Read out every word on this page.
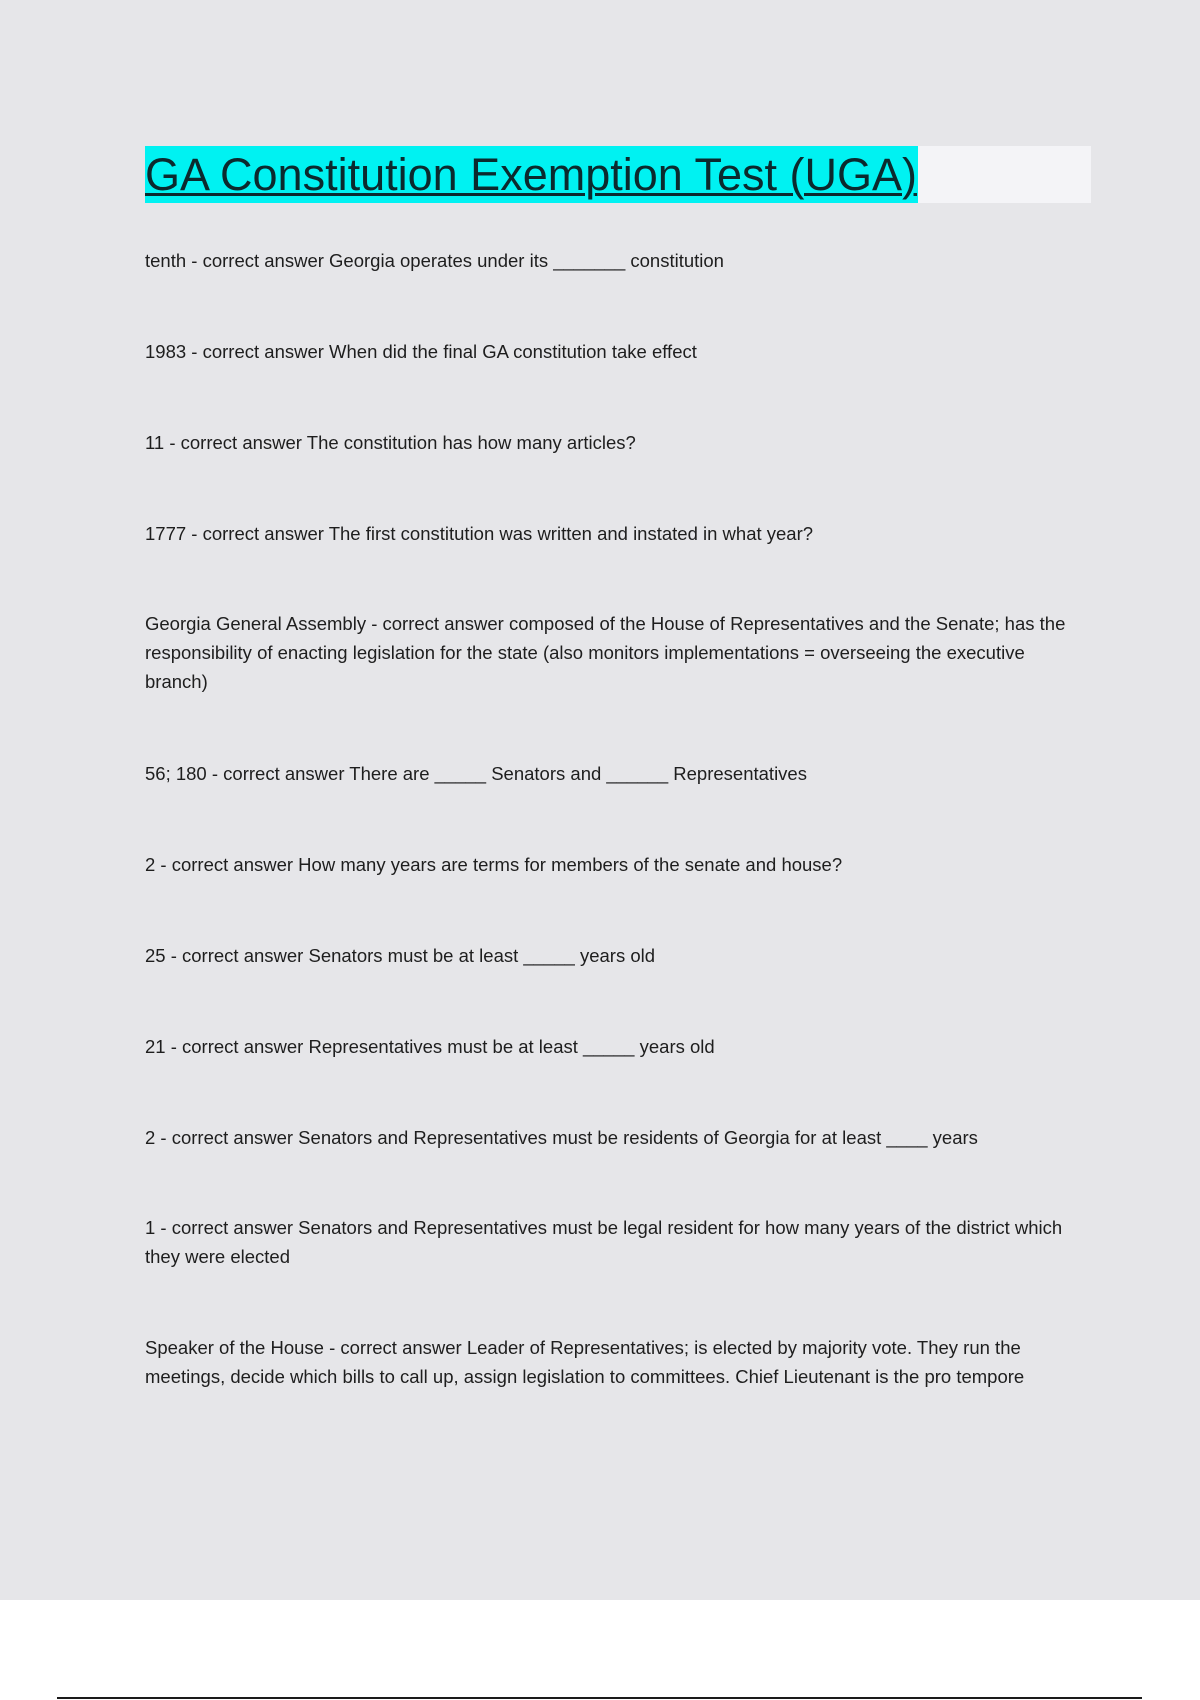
GA Constitution Exemption Test (UGA)
tenth - correct answer Georgia operates under its _______ constitution
1983 - correct answer When did the final GA constitution take effect
11 - correct answer The constitution has how many articles?
1777 - correct answer The first constitution was written and instated in what year?
Georgia General Assembly - correct answer composed of the House of Representatives and the Senate; has the responsibility of enacting legislation for the state (also monitors implementations = overseeing the executive branch)
56; 180 - correct answer There are _____ Senators and ______ Representatives
2 - correct answer How many years are terms for members of the senate and house?
25 - correct answer Senators must be at least _____ years old
21 - correct answer Representatives must be at least _____ years old
2 - correct answer Senators and Representatives must be residents of Georgia for at least ____ years
1 - correct answer Senators and Representatives must be legal resident for how many years of the district which they were elected
Speaker of the House - correct answer Leader of Representatives; is elected by majority vote. They run the meetings, decide which bills to call up, assign legislation to committees. Chief Lieutenant is the pro tempore
